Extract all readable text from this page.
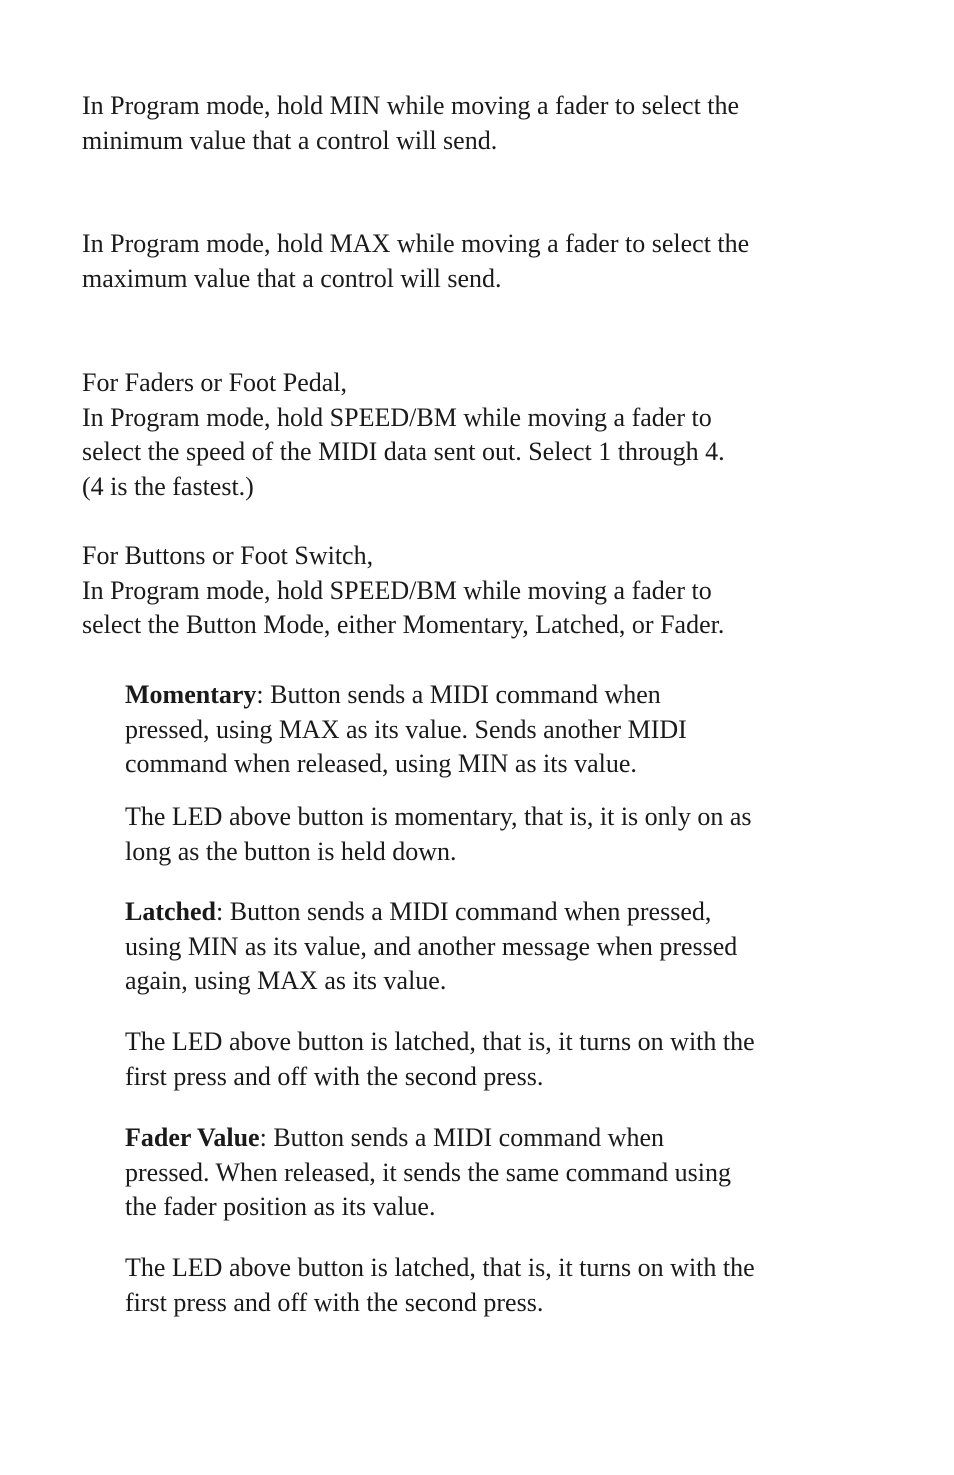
In Program mode, hold MIN while moving a fader to select the
minimum value that a control will send.

In Program mode, hold MAX while moving a fader to select the
maximum value that a control will send.

For Faders or Foot Pedal,
In Program mode, hold SPEED/BM while moving a fader to
select the speed of the MIDI data sent out. Select 1 through 4.
(4 is the fastest.)

For Buttons or Foot Switch,
In Program mode, hold SPEED/BM while moving a fader to
select the Button Mode, either Momentary, Latched, or Fader.

Momentary: Button sends a MIDI command when
pressed, using MAX as its value. Sends another MIDI
command when released, using MIN as its value.

The LED above button is momentary, that is, it is only on as
long as the button is held down.

Latched: Button sends a MIDI command when pressed,
using MIN as its value, and another message when pressed
again, using MAX as its value.

The LED above button is latched, that is, it turns on with the
first press and off with the second press.

Fader Value: Button sends a MIDI command when
pressed. When released, it sends the same command using
the fader position as its value.

The LED above button is latched, that is, it turns on with the
first press and off with the second press.
